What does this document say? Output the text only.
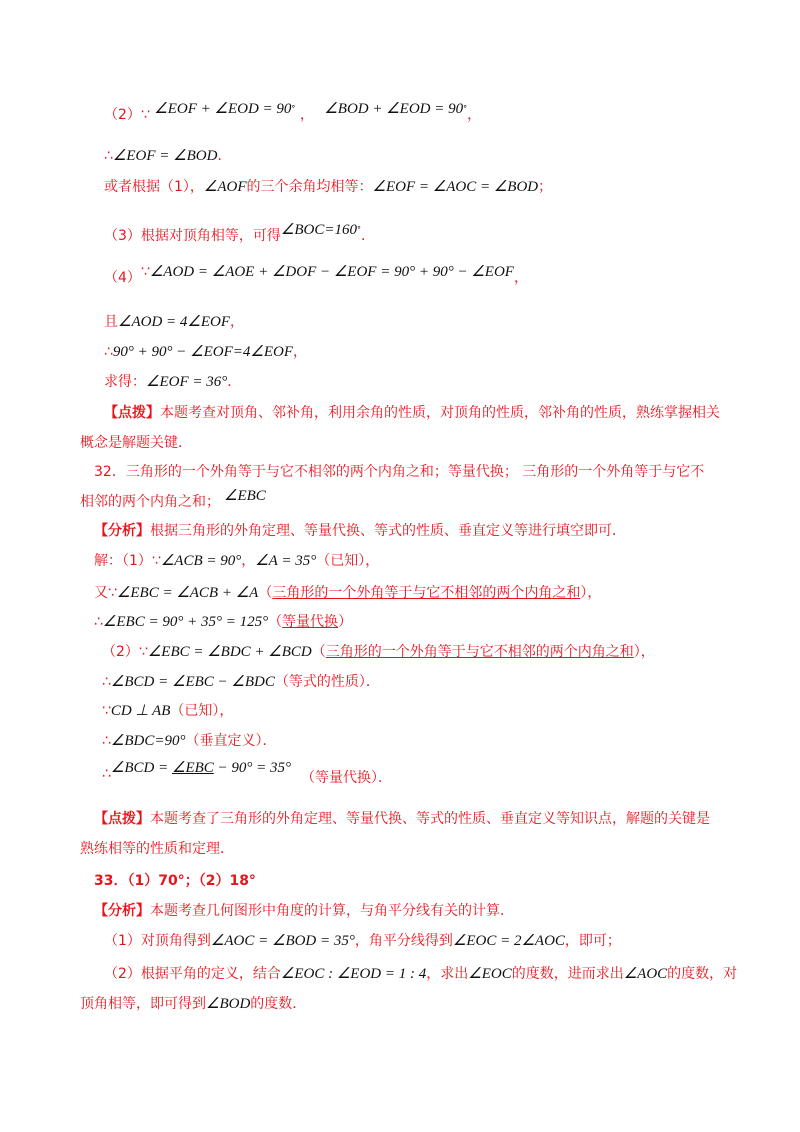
（2）∵ ∠EOF + ∠EOD = 90° ， ∠BOD + ∠EOD = 90°，
∴∠EOF = ∠BOD．
或者根据（1），∠AOF的三个余角均相等：∠EOF = ∠AOC = ∠BOD；
（3）根据对顶角相等，可得∠BOC=160°．
（4）∵∠AOD = ∠AOE + ∠DOF − ∠EOF = 90° + 90° − ∠EOF，
且∠AOD = 4∠EOF，
∴90° + 90° − ∠EOF=4∠EOF，
求得：∠EOF = 36°．
【点拨】本题考查对顶角、邻补角，利用余角的性质，对顶角的性质，邻补角的性质，熟练掌握相关
概念是解题关键．
32．三角形的一个外角等于与它不相邻的两个内角之和；等量代换； 三角形的一个外角等于与它不
相邻的两个内角之和； ∠EBC
【分析】根据三角形的外角定理、等量代换、等式的性质、垂直定义等进行填空即可．
解：（1）∵∠ACB = 90°，∠A = 35°（已知），
又∵∠EBC = ∠ACB + ∠A（三角形的一个外角等于与它不相邻的两个内角之和），
∴∠EBC = 90° + 35° = 125°（等量代换）
（2）∵∠EBC = ∠BDC + ∠BCD（三角形的一个外角等于与它不相邻的两个内角之和），
∴∠BCD = ∠EBC − ∠BDC（等式的性质）．
∵CD ⊥ AB（已知），
∴∠BDC=90°（垂直定义）．
∴∠BCD = ∠EBC − 90° = 35°（等量代换）．
【点拨】本题考查了三角形的外角定理、等量代换、等式的性质、垂直定义等知识点，解题的关键是
熟练相等的性质和定理．
33．（1）70°；（2）18°
【分析】本题考查几何图形中角度的计算，与角平分线有关的计算．
（1）对顶角得到∠AOC = ∠BOD = 35°，角平分线得到∠EOC = 2∠AOC，即可；
（2）根据平角的定义，结合∠EOC : ∠EOD = 1 : 4，求出∠EOC的度数，进而求出∠AOC的度数，对
顶角相等，即可得到∠BOD的度数．
